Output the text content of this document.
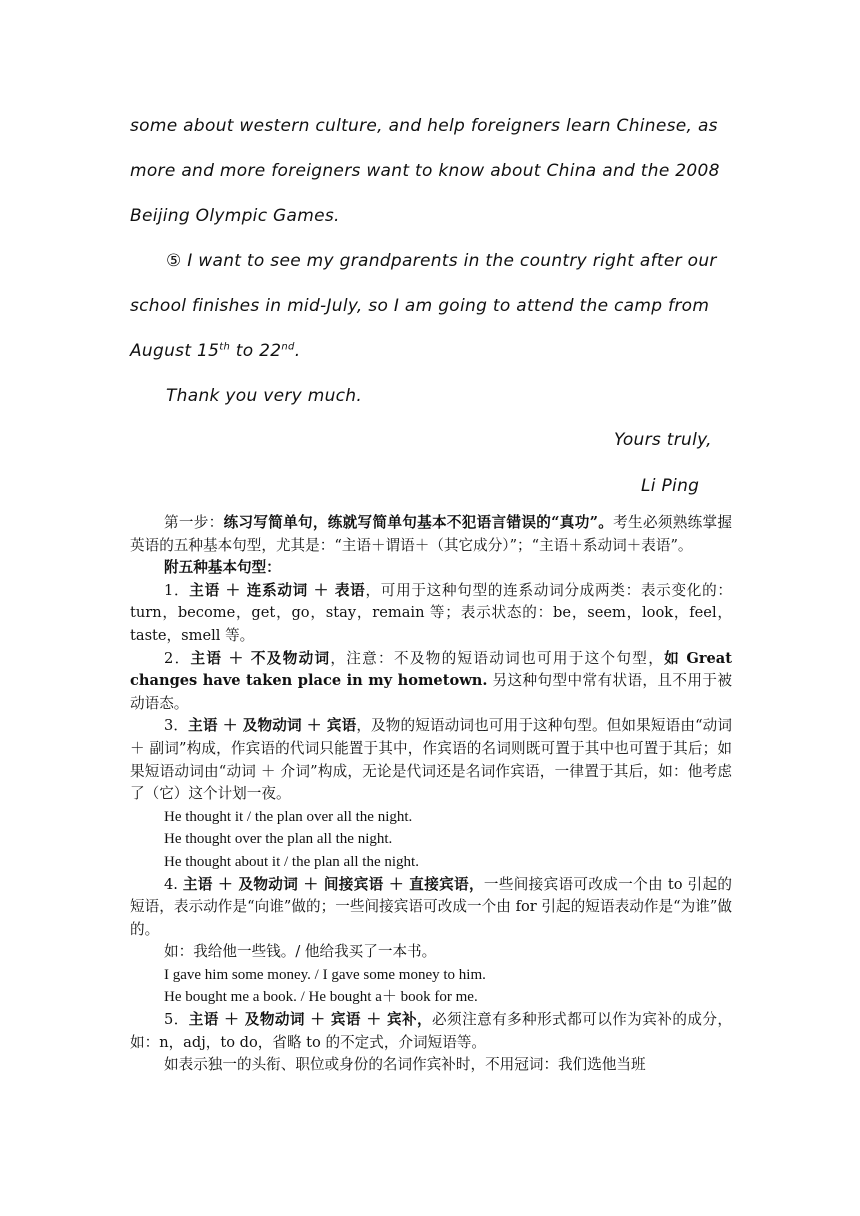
some about western culture, and help foreigners learn Chinese, as

more and more foreigners want to know about China and the 2008

Beijing Olympic Games.

⑤ I want to see my grandparents in the country right after our

school finishes in mid-July, so I am going to attend the camp from

August 15th to 22nd.

Thank you very much.

Yours truly,
Li Ping

第一步：练习写简单句，练就写简单句基本不犯语言错误的“真功”。考生必须熟练掌握英语的五种基本句型，尤其是：“主语＋谓语＋（其它成分）”；“主语＋系动词＋表语”。

附五种基本句型：

1．主语 ＋ 连系动词 ＋ 表语，可用于这种句型的连系动词分成两类：表示变化的：turn，become，get，go，stay，remain 等；表示状态的：be，seem，look，feel，taste，smell 等。

2．主语 ＋ 不及物动词，注意：不及物的短语动词也可用于这个句型，如 Great changes have taken place in my hometown. 另这种句型中常有状语，且不用于被动语态。

3．主语 ＋ 及物动词 ＋ 宾语，及物的短语动词也可用于这种句型。但如果短语由“动词 ＋ 副词”构成，作宾语的代词只能置于其中，作宾语的名词则既可置于其中也可置于其后；如果短语动词由“动词 ＋ 介词”构成，无论是代词还是名词作宾语，一律置于其后，如：他考虑了（它）这个计划一夜。

He thought it / the plan over all the night.

He thought over the plan all the night.

He thought about it / the plan all the night.

4. 主语 ＋ 及物动词 ＋ 间接宾语 ＋ 直接宾语，一些间接宾语可改成一个由 to 引起的短语，表示动作是“向谁”做的；一些间接宾语可改成一个由 for 引起的短语表动作是“为谁”做的。

如：我给他一些钱。/ 他给我买了一本书。

I gave him some money. / I gave some money to him.

He bought me a book. / He bought a＋ book for me.

5．主语 ＋ 及物动词 ＋ 宾语 ＋ 宾补，必须注意有多种形式都可以作为宾补的成分，如：n，adj，to do，省略 to 的不定式，介词短语等。

如表示独一的头衔、职位或身份的名词作宾补时，不用冠词：我们选他当班
